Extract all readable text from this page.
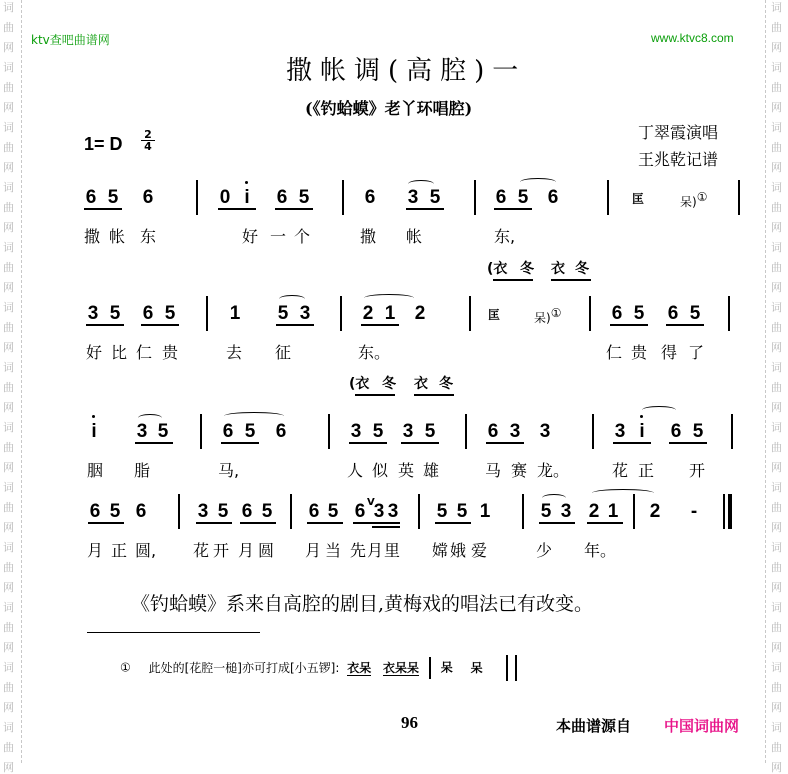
词
曲
网
词
曲
网
词
曲
网
词
曲
网
词
曲
网
词
曲
网
词
曲
网
词
曲
网
词
曲
网
词
曲
网
词
曲
网
词
曲
网
词
曲
网
词
曲
网
词
曲
网
词
曲
网
词
曲
网
词
曲
网
词
曲
网
词
曲
网
词
曲
网
词
曲
网
词
曲
网
词
曲
网
词
曲
网
词
曲
网
ktv查吧曲谱网	www.ktvc8.com
撒帐调(高腔)一
(《钓蛤蟆》老丫环唱腔)
丁翠霞演唱
王兆乾记谱
1= D 2
4
6 5 6	0 i 6 5	6 3 5	6 5 6	匡	呆)①
撒 帐 东	好 一 个	撒 帐	东,
(衣 冬 衣 冬
3 5 6 5	1 5 3	2 1 2	匡	呆)①	6 5 6 5
好 比 仁 贵	去 征	东。	仁 贵 得 了
(衣 冬 衣 冬
i 3 5	6 5 6	3 5 3 5	6 3 3	3 i 6 5
胭 脂	马,	人 似 英 雄	马 赛 龙。	花 正 开
6 5 6	3 5 6 5 6 5 6 V
3 3 5 5 1	5 3 2 1 2 -
月 正 圆, 花 开 月 圆 月 当 先 月 里 嫦 娥 爱	少 年。
《钓蛤蟆》系来自高腔的剧目,黄梅戏的唱法已有改变。
① 此处的[花腔一槌]亦可打成[小五锣]: 衣呆 衣呆呆 呆 呆
96	本曲谱源自 中国词曲网
